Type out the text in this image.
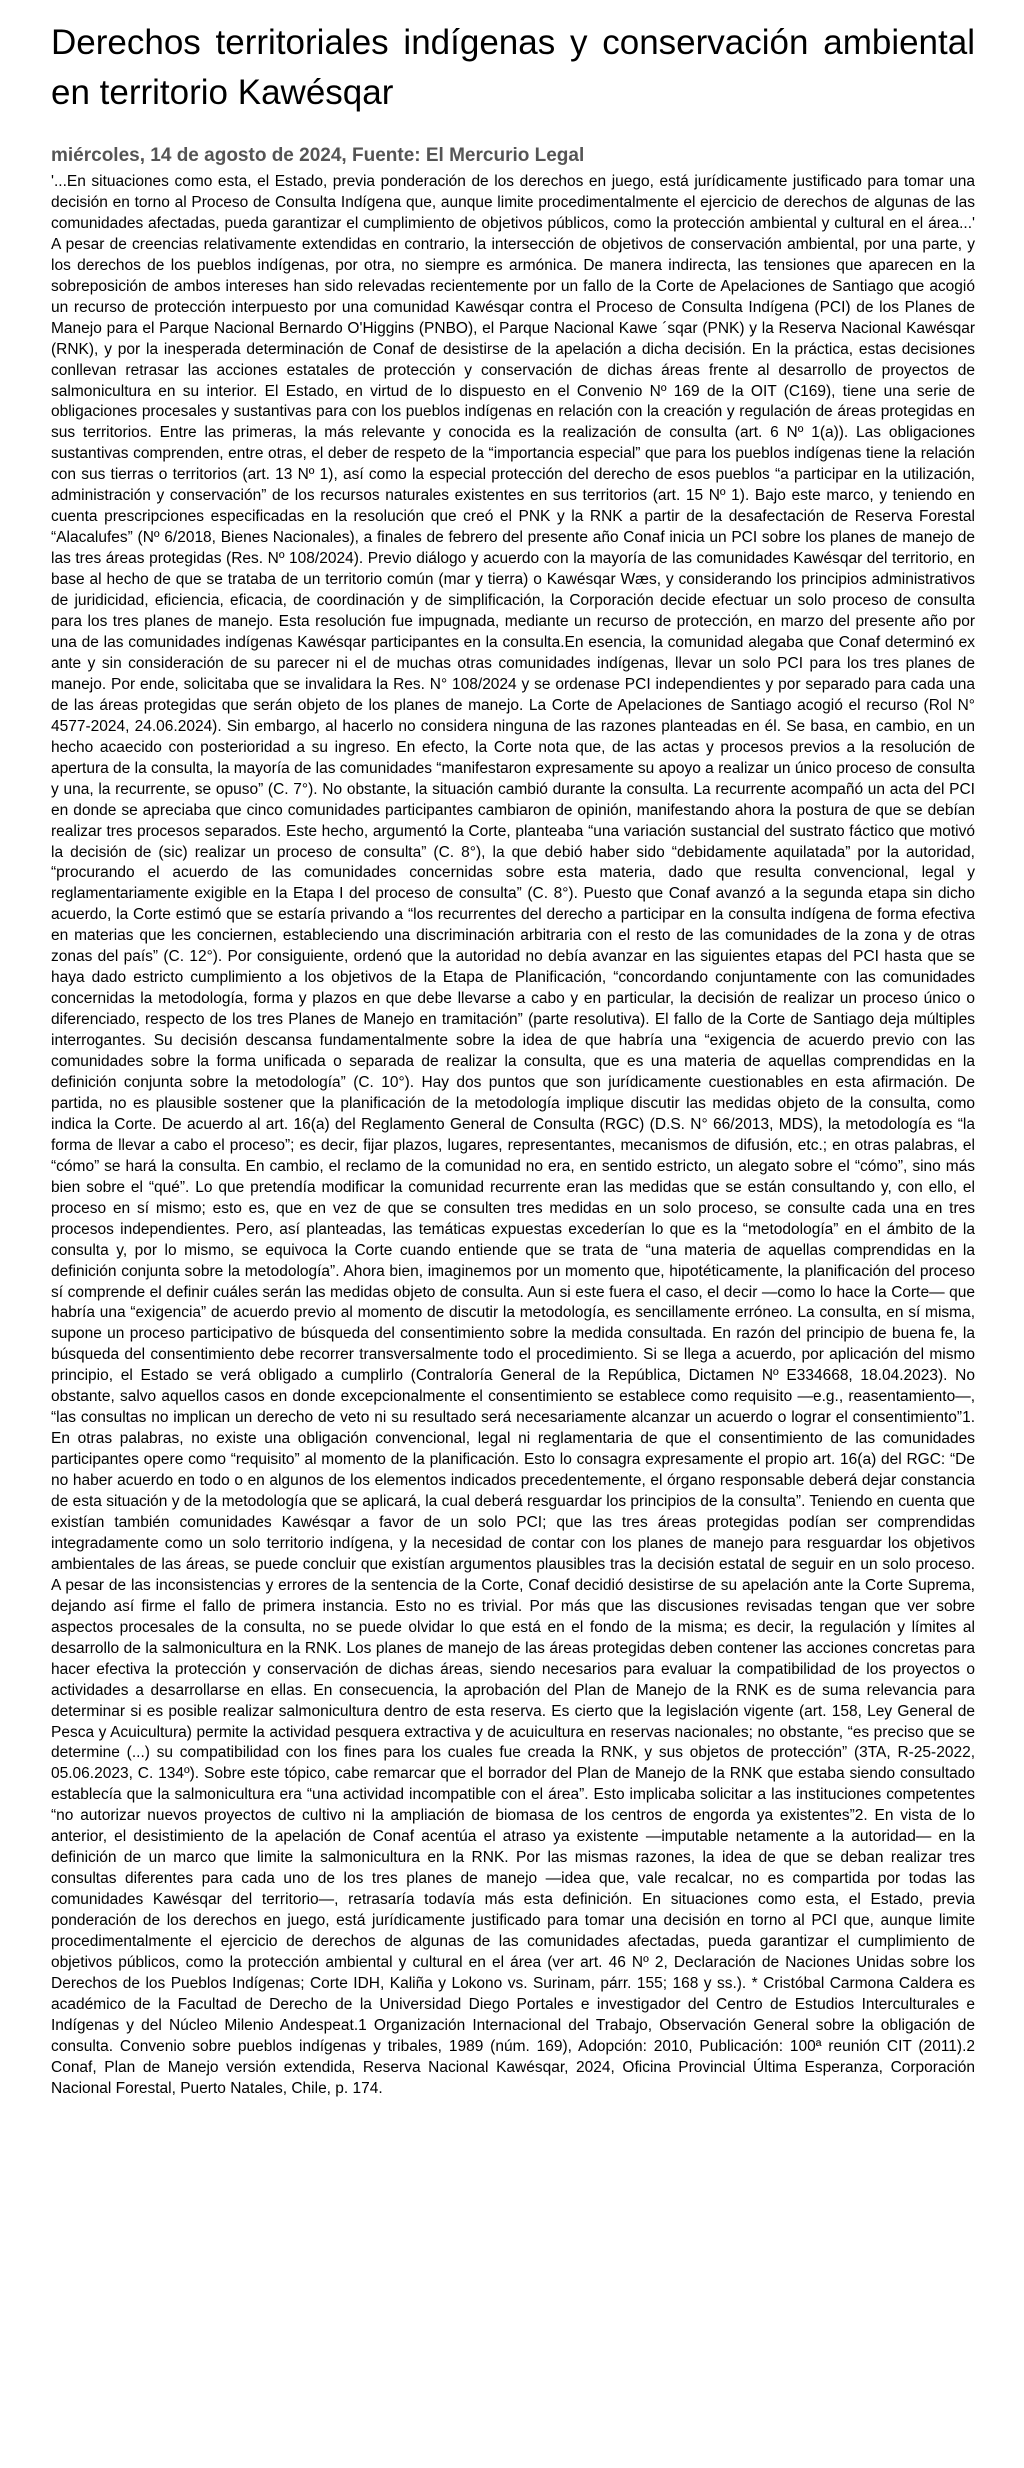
Derechos territoriales indígenas y conservación ambiental en territorio Kawésqar

miércoles, 14 de agosto de 2024, Fuente: El Mercurio Legal

'...En situaciones como esta, el Estado, previa ponderación de los derechos en juego, está jurídicamente justificado para tomar una decisión en torno al Proceso de Consulta Indígena que, aunque limite procedimentalmente el ejercicio de derechos de algunas de las comunidades afectadas, pueda garantizar el cumplimiento de objetivos públicos, como la protección ambiental y cultural en el área...' A pesar de creencias relativamente extendidas en contrario, la intersección de objetivos de conservación ambiental, por una parte, y los derechos de los pueblos indígenas, por otra, no siempre es armónica. De manera indirecta, las tensiones que aparecen en la sobreposición de ambos intereses han sido relevadas recientemente por un fallo de la Corte de Apelaciones de Santiago que acogió un recurso de protección interpuesto por una comunidad Kawésqar contra el Proceso de Consulta Indígena (PCI) de los Planes de Manejo para el Parque Nacional Bernardo O'Higgins (PNBO), el Parque Nacional Kawe ´sqar (PNK) y la Reserva Nacional Kawésqar (RNK), y por la inesperada determinación de Conaf de desistirse de la apelación a dicha decisión. En la práctica, estas decisiones conllevan retrasar las acciones estatales de protección y conservación de dichas áreas frente al desarrollo de proyectos de salmonicultura en su interior. El Estado, en virtud de lo dispuesto en el Convenio Nº 169 de la OIT (C169), tiene una serie de obligaciones procesales y sustantivas para con los pueblos indígenas en relación con la creación y regulación de áreas protegidas en sus territorios. Entre las primeras, la más relevante y conocida es la realización de consulta (art. 6 Nº 1(a)). Las obligaciones sustantivas comprenden, entre otras, el deber de respeto de la “importancia especial” que para los pueblos indígenas tiene la relación con sus tierras o territorios (art. 13 Nº 1), así como la especial protección del derecho de esos pueblos “a participar en la utilización, administración y conservación” de los recursos naturales existentes en sus territorios (art. 15 Nº 1). Bajo este marco, y teniendo en cuenta prescripciones especificadas en la resolución que creó el PNK y la RNK a partir de la desafectación de Reserva Forestal “Alacalufes” (Nº 6/2018, Bienes Nacionales), a finales de febrero del presente año Conaf inicia un PCI sobre los planes de manejo de las tres áreas protegidas (Res. Nº 108/2024). Previo diálogo y acuerdo con la mayoría de las comunidades Kawésqar del territorio, en base al hecho de que se trataba de un territorio común (mar y tierra) o Kawésqar Wæs, y considerando los principios administrativos de juridicidad, eficiencia, eficacia, de coordinación y de simplificación, la Corporación decide efectuar un solo proceso de consulta para los tres planes de manejo. Esta resolución fue impugnada, mediante un recurso de protección, en marzo del presente año por una de las comunidades indígenas Kawésqar participantes en la consulta.En esencia, la comunidad alegaba que Conaf determinó ex ante y sin consideración de su parecer ni el de muchas otras comunidades indígenas, llevar un solo PCI para los tres planes de manejo. Por ende, solicitaba que se invalidara la Res. N° 108/2024 y se ordenase PCI independientes y por separado para cada una de las áreas protegidas que serán objeto de los planes de manejo. La Corte de Apelaciones de Santiago acogió el recurso (Rol N° 4577-2024, 24.06.2024). Sin embargo, al hacerlo no considera ninguna de las razones planteadas en él. Se basa, en cambio, en un hecho acaecido con posterioridad a su ingreso. En efecto, la Corte nota que, de las actas y procesos previos a la resolución de apertura de la consulta, la mayoría de las comunidades “manifestaron expresamente su apoyo a realizar un único proceso de consulta y una, la recurrente, se opuso” (C. 7°). No obstante, la situación cambió durante la consulta. La recurrente acompañó un acta del PCI en donde se apreciaba que cinco comunidades participantes cambiaron de opinión, manifestando ahora la postura de que se debían realizar tres procesos separados. Este hecho, argumentó la Corte, planteaba “una variación sustancial del sustrato fáctico que motivó la decisión de (sic) realizar un proceso de consulta” (C. 8°), la que debió haber sido “debidamente aquilatada” por la autoridad, “procurando el acuerdo de las comunidades concernidas sobre esta materia, dado que resulta convencional, legal y reglamentariamente exigible en la Etapa I del proceso de consulta” (C. 8°). Puesto que Conaf avanzó a la segunda etapa sin dicho acuerdo, la Corte estimó que se estaría privando a “los recurrentes del derecho a participar en la consulta indígena de forma efectiva en materias que les conciernen, estableciendo una discriminación arbitraria con el resto de las comunidades de la zona y de otras zonas del país” (C. 12°). Por consiguiente, ordenó que la autoridad no debía avanzar en las siguientes etapas del PCI hasta que se haya dado estricto cumplimiento a los objetivos de la Etapa de Planificación, “concordando conjuntamente con las comunidades concernidas la metodología, forma y plazos en que debe llevarse a cabo y en particular, la decisión de realizar un proceso único o diferenciado, respecto de los tres Planes de Manejo en tramitación” (parte resolutiva). El fallo de la Corte de Santiago deja múltiples interrogantes. Su decisión descansa fundamentalmente sobre la idea de que habría una “exigencia de acuerdo previo con las comunidades sobre la forma unificada o separada de realizar la consulta, que es una materia de aquellas comprendidas en la definición conjunta sobre la metodología” (C. 10°). Hay dos puntos que son jurídicamente cuestionables en esta afirmación. De partida, no es plausible sostener que la planificación de la metodología implique discutir las medidas objeto de la consulta, como indica la Corte. De acuerdo al art. 16(a) del Reglamento General de Consulta (RGC) (D.S. N° 66/2013, MDS), la metodología es “la forma de llevar a cabo el proceso”; es decir, fijar plazos, lugares, representantes, mecanismos de difusión, etc.; en otras palabras, el “cómo” se hará la consulta. En cambio, el reclamo de la comunidad no era, en sentido estricto, un alegato sobre el “cómo”, sino más bien sobre el “qué”. Lo que pretendía modificar la comunidad recurrente eran las medidas que se están consultando y, con ello, el proceso en sí mismo; esto es, que en vez de que se consulten tres medidas en un solo proceso, se consulte cada una en tres procesos independientes. Pero, así planteadas, las temáticas expuestas excederían lo que es la “metodología” en el ámbito de la consulta y, por lo mismo, se equivoca la Corte cuando entiende que se trata de “una materia de aquellas comprendidas en la definición conjunta sobre la metodología”. Ahora bien, imaginemos por un momento que, hipotéticamente, la planificación del proceso sí comprende el definir cuáles serán las medidas objeto de consulta. Aun si este fuera el caso, el decir —como lo hace la Corte— que habría una “exigencia” de acuerdo previo al momento de discutir la metodología, es sencillamente erróneo. La consulta, en sí misma, supone un proceso participativo de búsqueda del consentimiento sobre la medida consultada. En razón del principio de buena fe, la búsqueda del consentimiento debe recorrer transversalmente todo el procedimiento. Si se llega a acuerdo, por aplicación del mismo principio, el Estado se verá obligado a cumplirlo (Contraloría General de la República, Dictamen Nº E334668, 18.04.2023). No obstante, salvo aquellos casos en donde excepcionalmente el consentimiento se establece como requisito —e.g., reasentamiento—, “las consultas no implican un derecho de veto ni su resultado será necesariamente alcanzar un acuerdo o lograr el consentimiento”1. En otras palabras, no existe una obligación convencional, legal ni reglamentaria de que el consentimiento de las comunidades participantes opere como “requisito” al momento de la planificación. Esto lo consagra expresamente el propio art. 16(a) del RGC: “De no haber acuerdo en todo o en algunos de los elementos indicados precedentemente, el órgano responsable deberá dejar constancia de esta situación y de la metodología que se aplicará, la cual deberá resguardar los principios de la consulta”. Teniendo en cuenta que existían también comunidades Kawésqar a favor de un solo PCI; que las tres áreas protegidas podían ser comprendidas integradamente como un solo territorio indígena, y la necesidad de contar con los planes de manejo para resguardar los objetivos ambientales de las áreas, se puede concluir que existían argumentos plausibles tras la decisión estatal de seguir en un solo proceso. A pesar de las inconsistencias y errores de la sentencia de la Corte, Conaf decidió desistirse de su apelación ante la Corte Suprema, dejando así firme el fallo de primera instancia. Esto no es trivial. Por más que las discusiones revisadas tengan que ver sobre aspectos procesales de la consulta, no se puede olvidar lo que está en el fondo de la misma; es decir, la regulación y límites al desarrollo de la salmonicultura en la RNK. Los planes de manejo de las áreas protegidas deben contener las acciones concretas para hacer efectiva la protección y conservación de dichas áreas, siendo necesarios para evaluar la compatibilidad de los proyectos o actividades a desarrollarse en ellas. En consecuencia, la aprobación del Plan de Manejo de la RNK es de suma relevancia para determinar si es posible realizar salmonicultura dentro de esta reserva. Es cierto que la legislación vigente (art. 158, Ley General de Pesca y Acuicultura) permite la actividad pesquera extractiva y de acuicultura en reservas nacionales; no obstante, “es preciso que se determine (...) su compatibilidad con los fines para los cuales fue creada la RNK, y sus objetos de protección” (3TA, R-25-2022, 05.06.2023, C. 134º). Sobre este tópico, cabe remarcar que el borrador del Plan de Manejo de la RNK que estaba siendo consultado establecía que la salmonicultura era “una actividad incompatible con el área”. Esto implicaba solicitar a las instituciones competentes “no autorizar nuevos proyectos de cultivo ni la ampliación de biomasa de los centros de engorda ya existentes”2. En vista de lo anterior, el desistimiento de la apelación de Conaf acentúa el atraso ya existente —imputable netamente a la autoridad— en la definición de un marco que limite la salmonicultura en la RNK. Por las mismas razones, la idea de que se deban realizar tres consultas diferentes para cada uno de los tres planes de manejo —idea que, vale recalcar, no es compartida por todas las comunidades Kawésqar del territorio—, retrasaría todavía más esta definición. En situaciones como esta, el Estado, previa ponderación de los derechos en juego, está jurídicamente justificado para tomar una decisión en torno al PCI que, aunque limite procedimentalmente el ejercicio de derechos de algunas de las comunidades afectadas, pueda garantizar el cumplimiento de objetivos públicos, como la protección ambiental y cultural en el área (ver art. 46 Nº 2, Declaración de Naciones Unidas sobre los Derechos de los Pueblos Indígenas; Corte IDH, Kaliña y Lokono vs. Surinam, párr. 155; 168 y ss.). * Cristóbal Carmona Caldera es académico de la Facultad de Derecho de la Universidad Diego Portales e investigador del Centro de Estudios Interculturales e Indígenas y del Núcleo Milenio Andespeat.1 Organización Internacional del Trabajo, Observación General sobre la obligación de consulta. Convenio sobre pueblos indígenas y tribales, 1989 (núm. 169), Adopción: 2010, Publicación: 100ª reunión CIT (2011).2 Conaf, Plan de Manejo versión extendida, Reserva Nacional Kawésqar, 2024, Oficina Provincial Última Esperanza, Corporación Nacional Forestal, Puerto Natales, Chile, p. 174.
